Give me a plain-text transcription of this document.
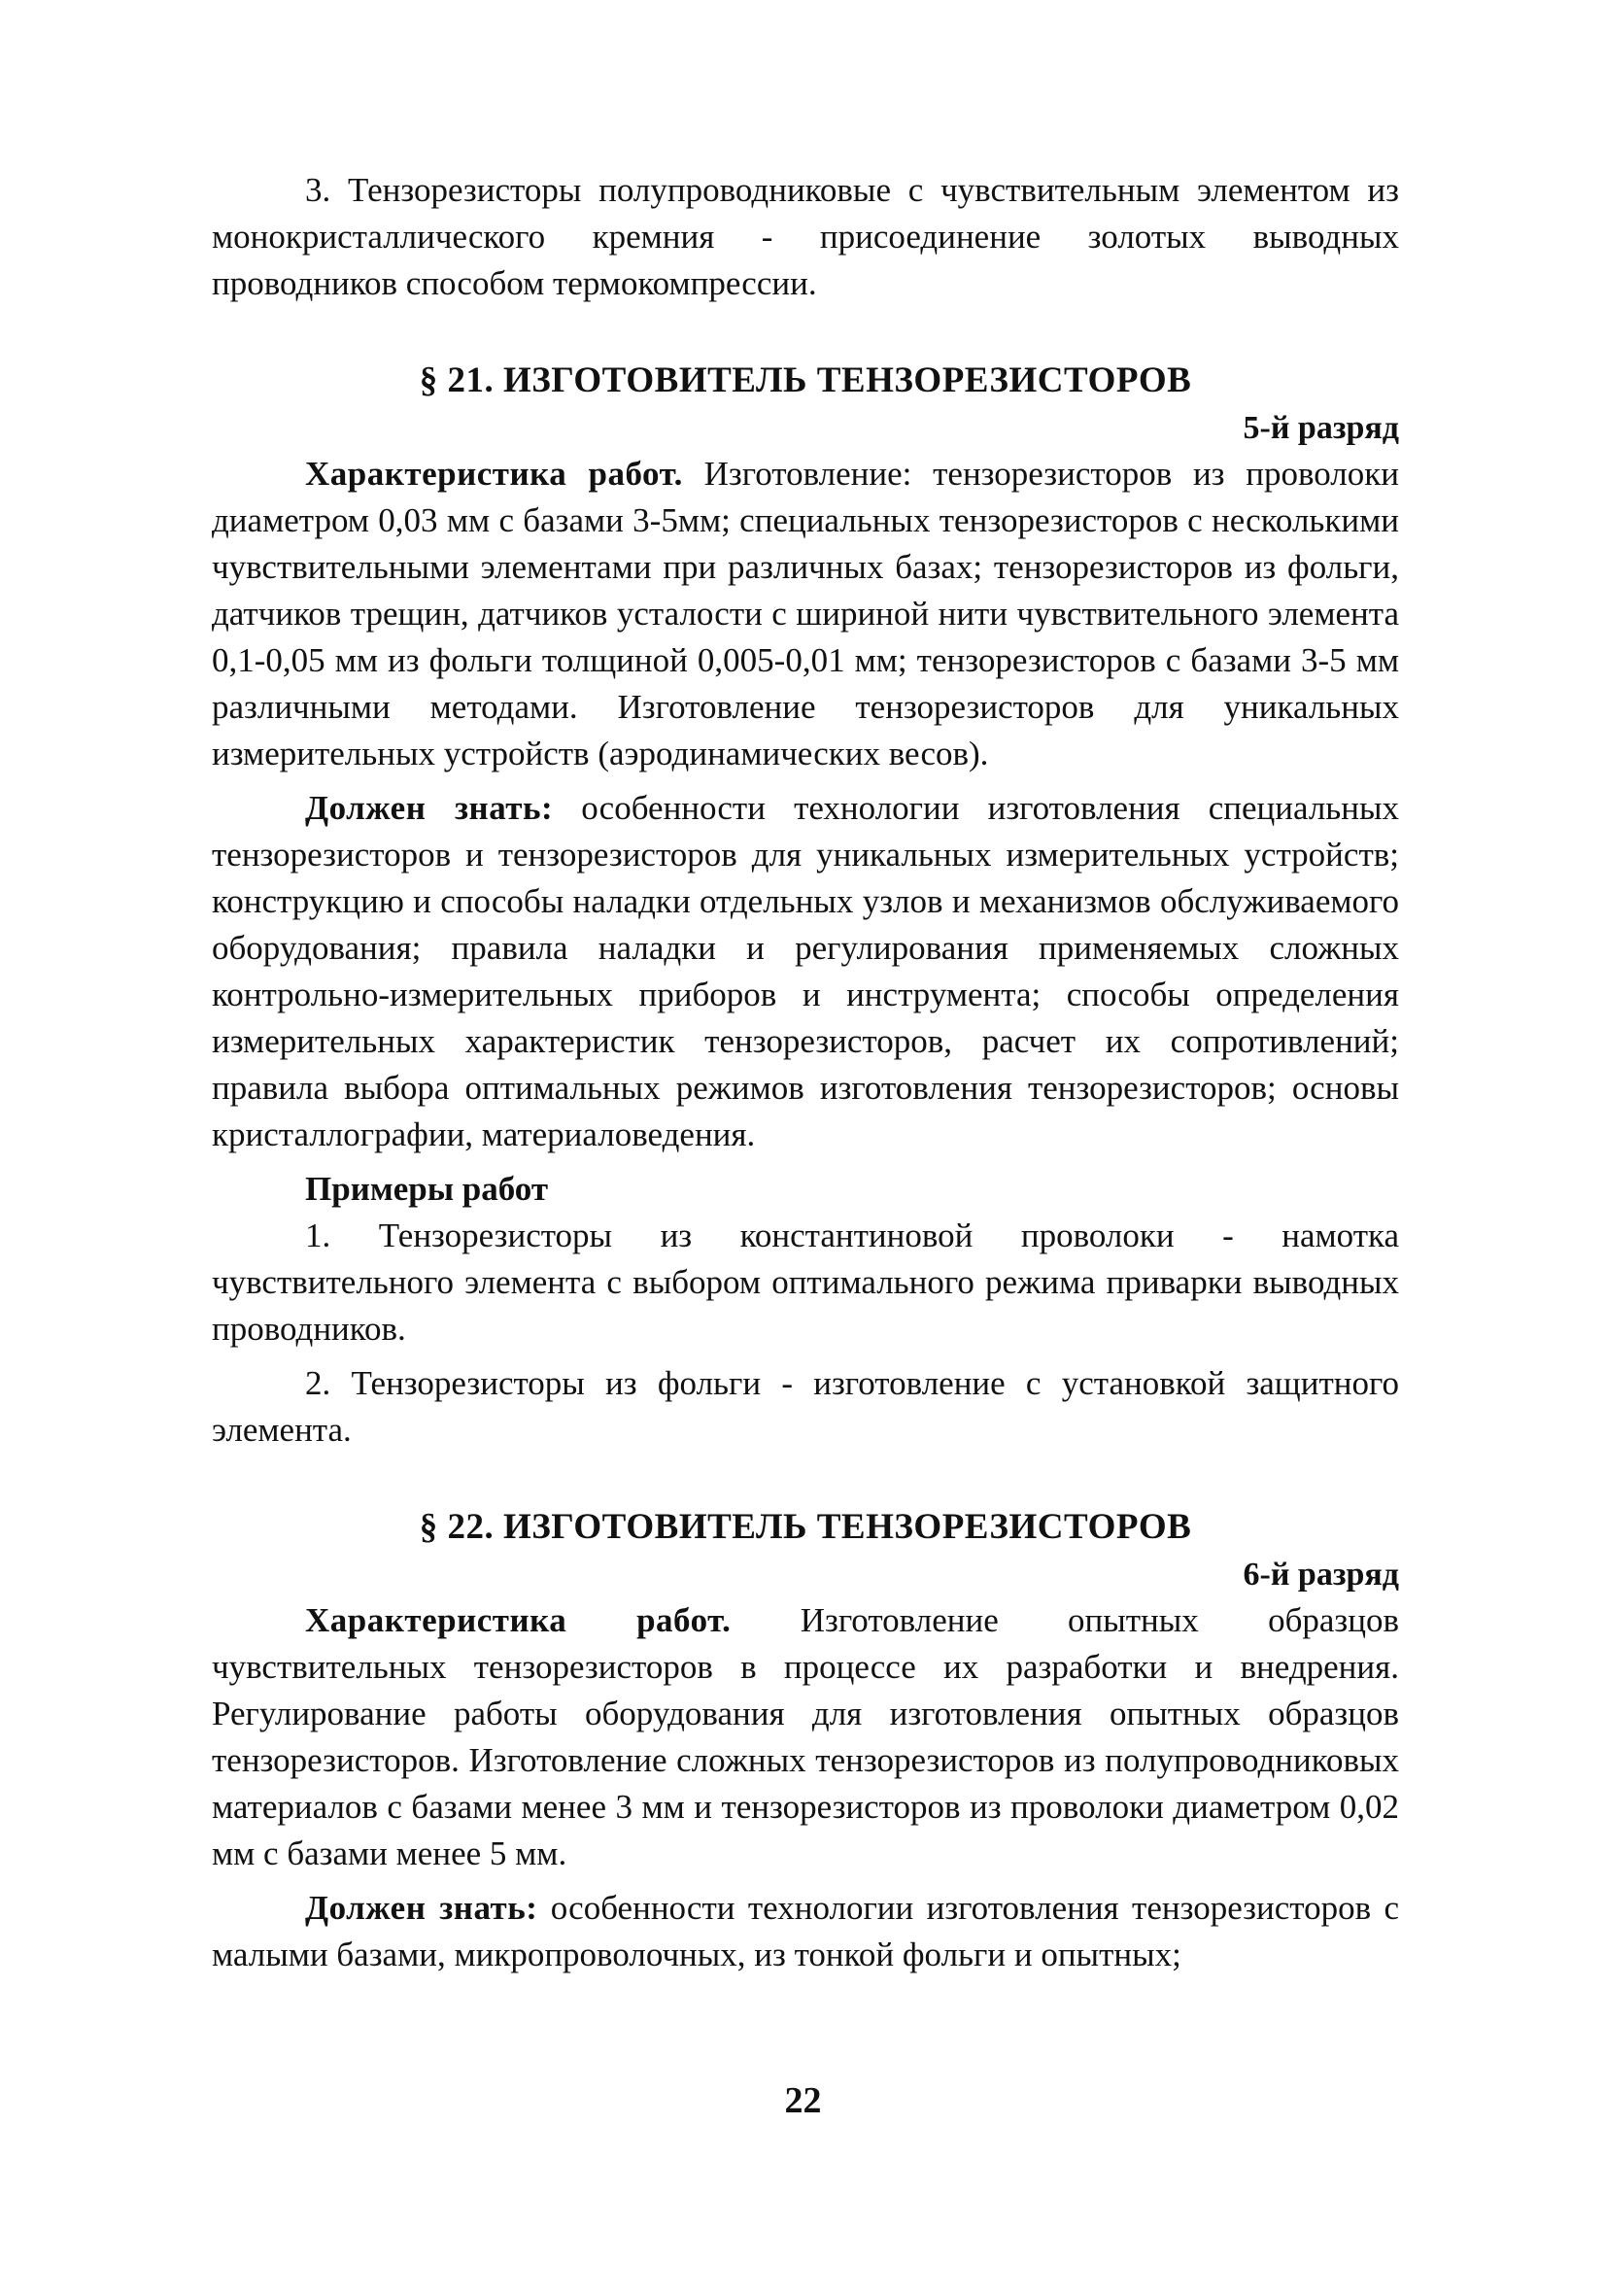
3. Тензорезисторы полупроводниковые с чувствительным элементом из монокристаллического кремния - присоединение золотых выводных проводников способом термокомпрессии.

§ 21. ИЗГОТОВИТЕЛЬ ТЕНЗОРЕЗИСТОРОВ
5-й разряд

Характеристика работ. Изготовление: тензорезисторов из проволоки диаметром 0,03 мм с базами 3-5мм; специальных тензорезисторов с несколькими чувствительными элементами при различных базах; тензорезисторов из фольги, датчиков трещин, датчиков усталости с шириной нити чувствительного элемента 0,1-0,05 мм из фольги толщиной 0,005-0,01 мм; тензорезисторов с базами 3-5 мм различными методами. Изготовление тензорезисторов для уникальных измерительных устройств (аэродинамических весов).

Должен знать: особенности технологии изготовления специальных тензорезисторов и тензорезисторов для уникальных измерительных устройств; конструкцию и способы наладки отдельных узлов и механизмов обслуживаемого оборудования; правила наладки и регулирования применяемых сложных контрольно-измерительных приборов и инструмента; способы определения измерительных характеристик тензорезисторов, расчет их сопротивлений; правила выбора оптимальных режимов изготовления тензорезисторов; основы кристаллографии, материаловедения.

Примеры работ

1. Тензорезисторы из константиновой проволоки - намотка чувствительного элемента с выбором оптимального режима приварки выводных проводников.

2. Тензорезисторы из фольги - изготовление с установкой защитного элемента.

§ 22. ИЗГОТОВИТЕЛЬ ТЕНЗОРЕЗИСТОРОВ
6-й разряд

Характеристика работ. Изготовление опытных образцов чувствительных тензорезисторов в процессе их разработки и внедрения. Регулирование работы оборудования для изготовления опытных образцов тензорезисторов. Изготовление сложных тензорезисторов из полупроводниковых материалов с базами менее 3 мм и тензорезисторов из проволоки диаметром 0,02 мм с базами менее 5 мм.

Должен знать: особенности технологии изготовления тензорезисторов с малыми базами, микропроволочных, из тонкой фольги и опытных;

22
